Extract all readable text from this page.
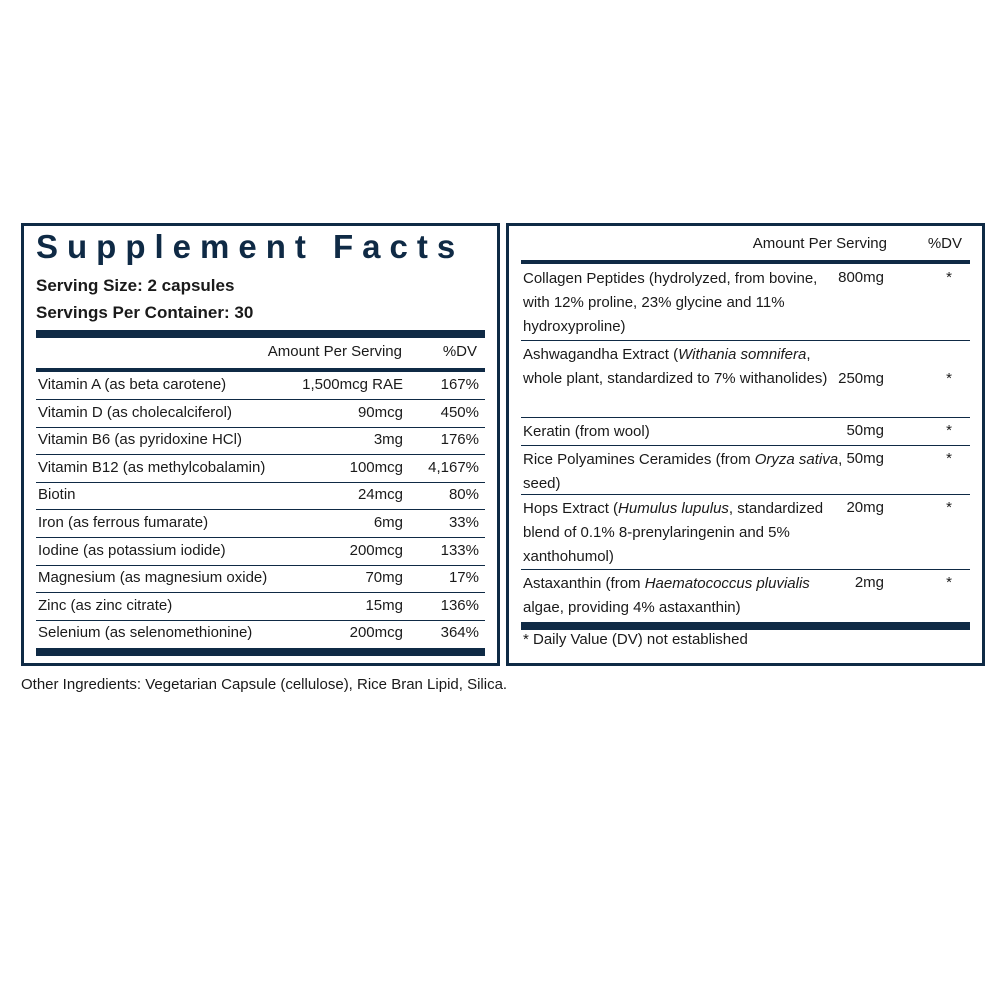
Supplement Facts
Serving Size: 2 capsules
Servings Per Container: 30
Amount Per Serving	%DV
Vitamin A (as beta carotene)	1,500mcg RAE	167%
Vitamin D (as cholecalciferol)	90mcg	450%
Vitamin B6 (as pyridoxine HCl)	3mg	176%
Vitamin B12 (as methylcobalamin)	100mcg 4,167%
Biotin	24mcg	80%
Iron (as ferrous fumarate)	6mg	33%
Iodine (as potassium iodide)	200mcg	133%
Magnesium (as magnesium oxide)	70mg	17%
Zinc (as zinc citrate)	15mg	136%
Selenium (as selenomethionine)	200mcg	364%
Amount Per Serving	%DV
Collagen Peptides (hydrolyzed, from bovine, with 12% proline, 23% glycine and 11% hydroxyproline)
800mg	*
Ashwagandha Extract (Withania somnifera, whole plant, standardized to 7% withanolides) 250mg	*
Keratin (from wool)	50mg	*
Rice Polyamines Ceramides (from Oryza sativa, seed)
50mg	*
Hops Extract (Humulus lupulus, standardized blend of 0.1% 8-prenylaringenin and 5% xanthohumol)
20mg	*
Astaxanthin (from Haematococcus pluvialis algae, providing 4% astaxanthin)
2mg	*
* Daily Value (DV) not established
Other Ingredients: Vegetarian Capsule (cellulose), Rice Bran Lipid, Silica.
